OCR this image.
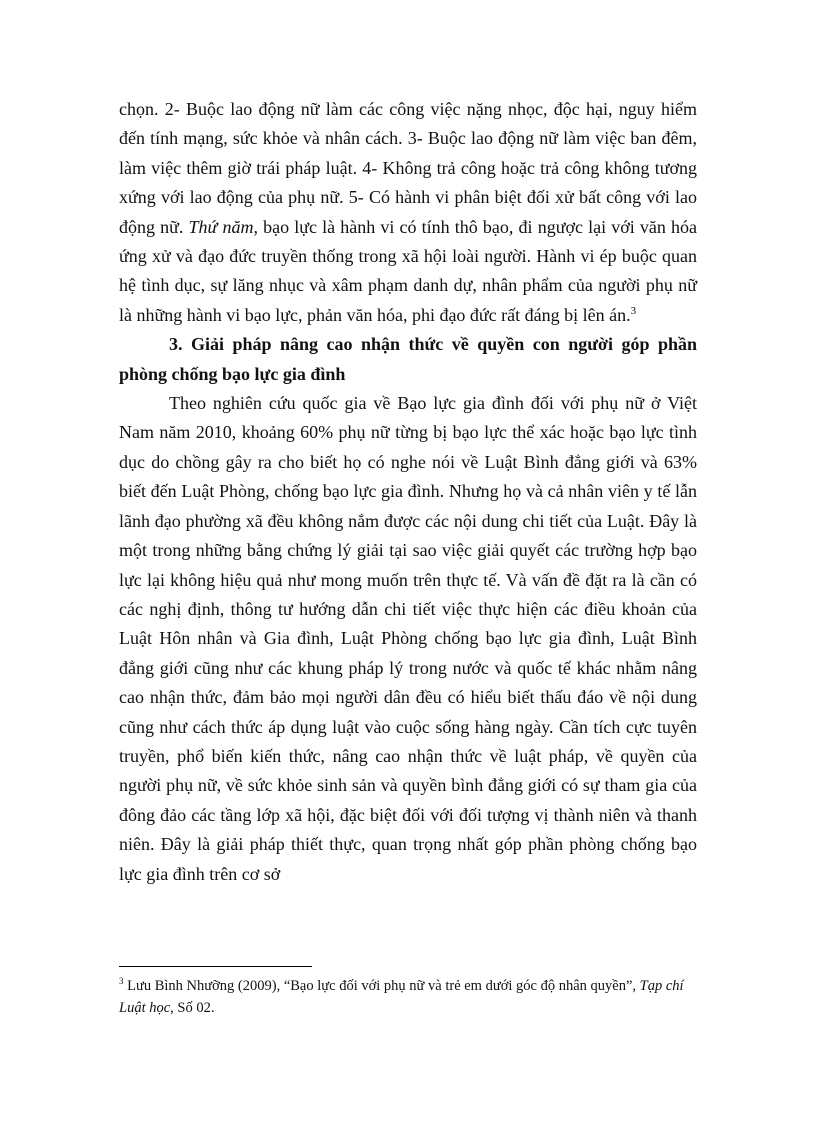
chọn. 2- Buộc lao động nữ làm các công việc nặng nhọc, độc hại, nguy hiểm đến tính mạng, sức khỏe và nhân cách. 3- Buộc lao động nữ làm việc ban đêm, làm việc thêm giờ trái pháp luật. 4- Không trả công hoặc trả công không tương xứng với lao động của phụ nữ. 5- Có hành vi phân biệt đối xử bất công với lao động nữ. Thứ năm, bạo lực là hành vi có tính thô bạo, đi ngược lại với văn hóa ứng xử và đạo đức truyền thống trong xã hội loài người. Hành vi ép buộc quan hệ tình dục, sự lăng nhục và xâm phạm danh dự, nhân phẩm của người phụ nữ là những hành vi bạo lực, phản văn hóa, phi đạo đức rất đáng bị lên án.$^3$

3. Giải pháp nâng cao nhận thức về quyền con người góp phần phòng chống bạo lực gia đình

Theo nghiên cứu quốc gia về Bạo lực gia đình đối với phụ nữ ở Việt Nam năm 2010, khoảng 60% phụ nữ từng bị bạo lực thể xác hoặc bạo lực tình dục do chồng gây ra cho biết họ có nghe nói về Luật Bình đẳng giới và 63% biết đến Luật Phòng, chống bạo lực gia đình. Nhưng họ và cả nhân viên y tế lẫn lãnh đạo phường xã đều không nắm được các nội dung chi tiết của Luật. Đây là một trong những bằng chứng lý giải tại sao việc giải quyết các trường hợp bạo lực lại không hiệu quả như mong muốn trên thực tế. Và vấn đề đặt ra là cần có các nghị định, thông tư hướng dẫn chi tiết việc thực hiện các điều khoản của Luật Hôn nhân và Gia đình, Luật Phòng chống bạo lực gia đình, Luật Bình đẳng giới cũng như các khung pháp lý trong nước và quốc tế khác nhằm nâng cao nhận thức, đảm bảo mọi người dân đều có hiểu biết thấu đáo về nội dung cũng như cách thức áp dụng luật vào cuộc sống hàng ngày. Cần tích cực tuyên truyền, phổ biến kiến thức, nâng cao nhận thức về luật pháp, về quyền của người phụ nữ, về sức khỏe sinh sản và quyền bình đẳng giới có sự tham gia của đông đảo các tầng lớp xã hội, đặc biệt đối với đối tượng vị thành niên và thanh niên. Đây là giải pháp thiết thực, quan trọng nhất góp phần phòng chống bạo lực gia đình trên cơ sở

$^3$ Lưu Bình Nhưỡng (2009), “Bạo lực đối với phụ nữ và trẻ em dưới góc độ nhân quyền”, Tạp chí Luật học, Số 02.
